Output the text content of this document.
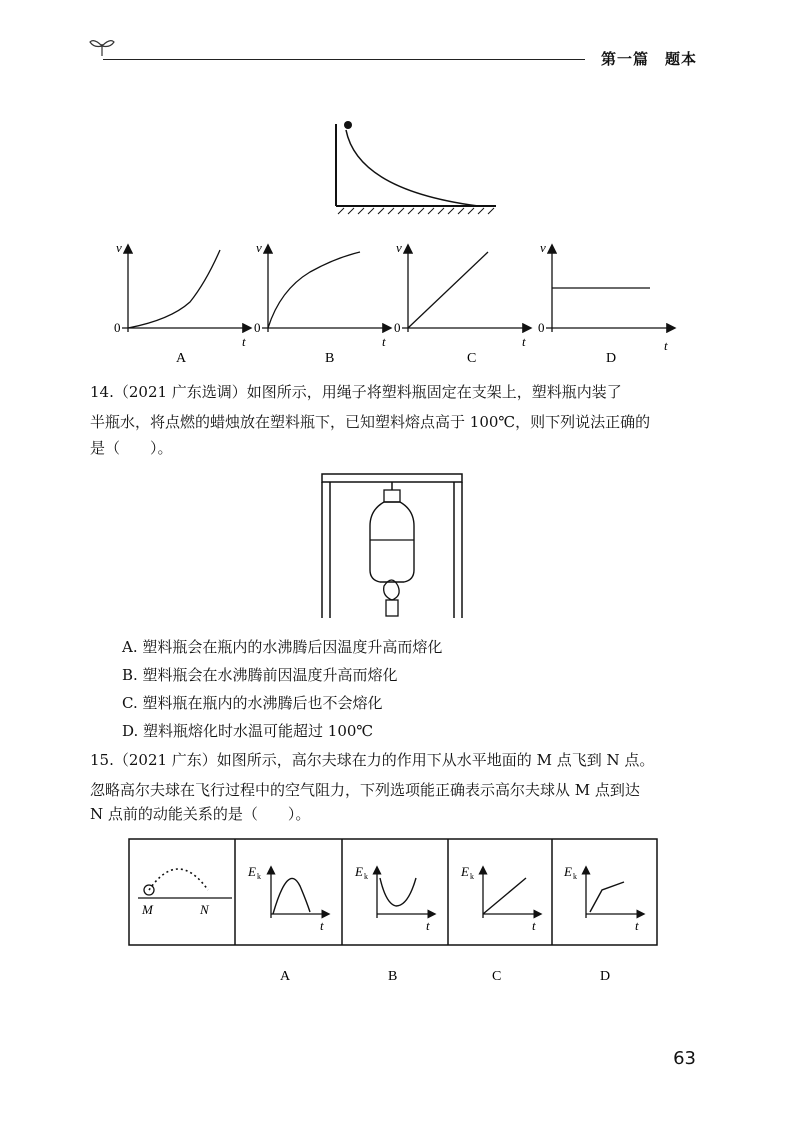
第一篇　题本
v
0
t
A
v
0
t
B
v
0
t
C
v
0
t
D
14.（2021 广东选调）如图所示，用绳子将塑料瓶固定在支架上，塑料瓶内装了
半瓶水，将点燃的蜡烛放在塑料瓶下，已知塑料熔点高于 100℃，则下列说法正确的
是（　　）。
A. 塑料瓶会在瓶内的水沸腾后因温度升高而熔化
B. 塑料瓶会在水沸腾前因温度升高而熔化
C. 塑料瓶在瓶内的水沸腾后也不会熔化
D. 塑料瓶熔化时水温可能超过 100℃
15.（2021 广东）如图所示，高尔夫球在力的作用下从水平地面的 M 点飞到 N 点。
忽略高尔夫球在飞行过程中的空气阻力，下列选项能正确表示高尔夫球从 M 点到达
N 点前的动能关系的是（　　）。
M	N
E k
t
E k
t
E k
t
E k
t
A	B	C	D
63
